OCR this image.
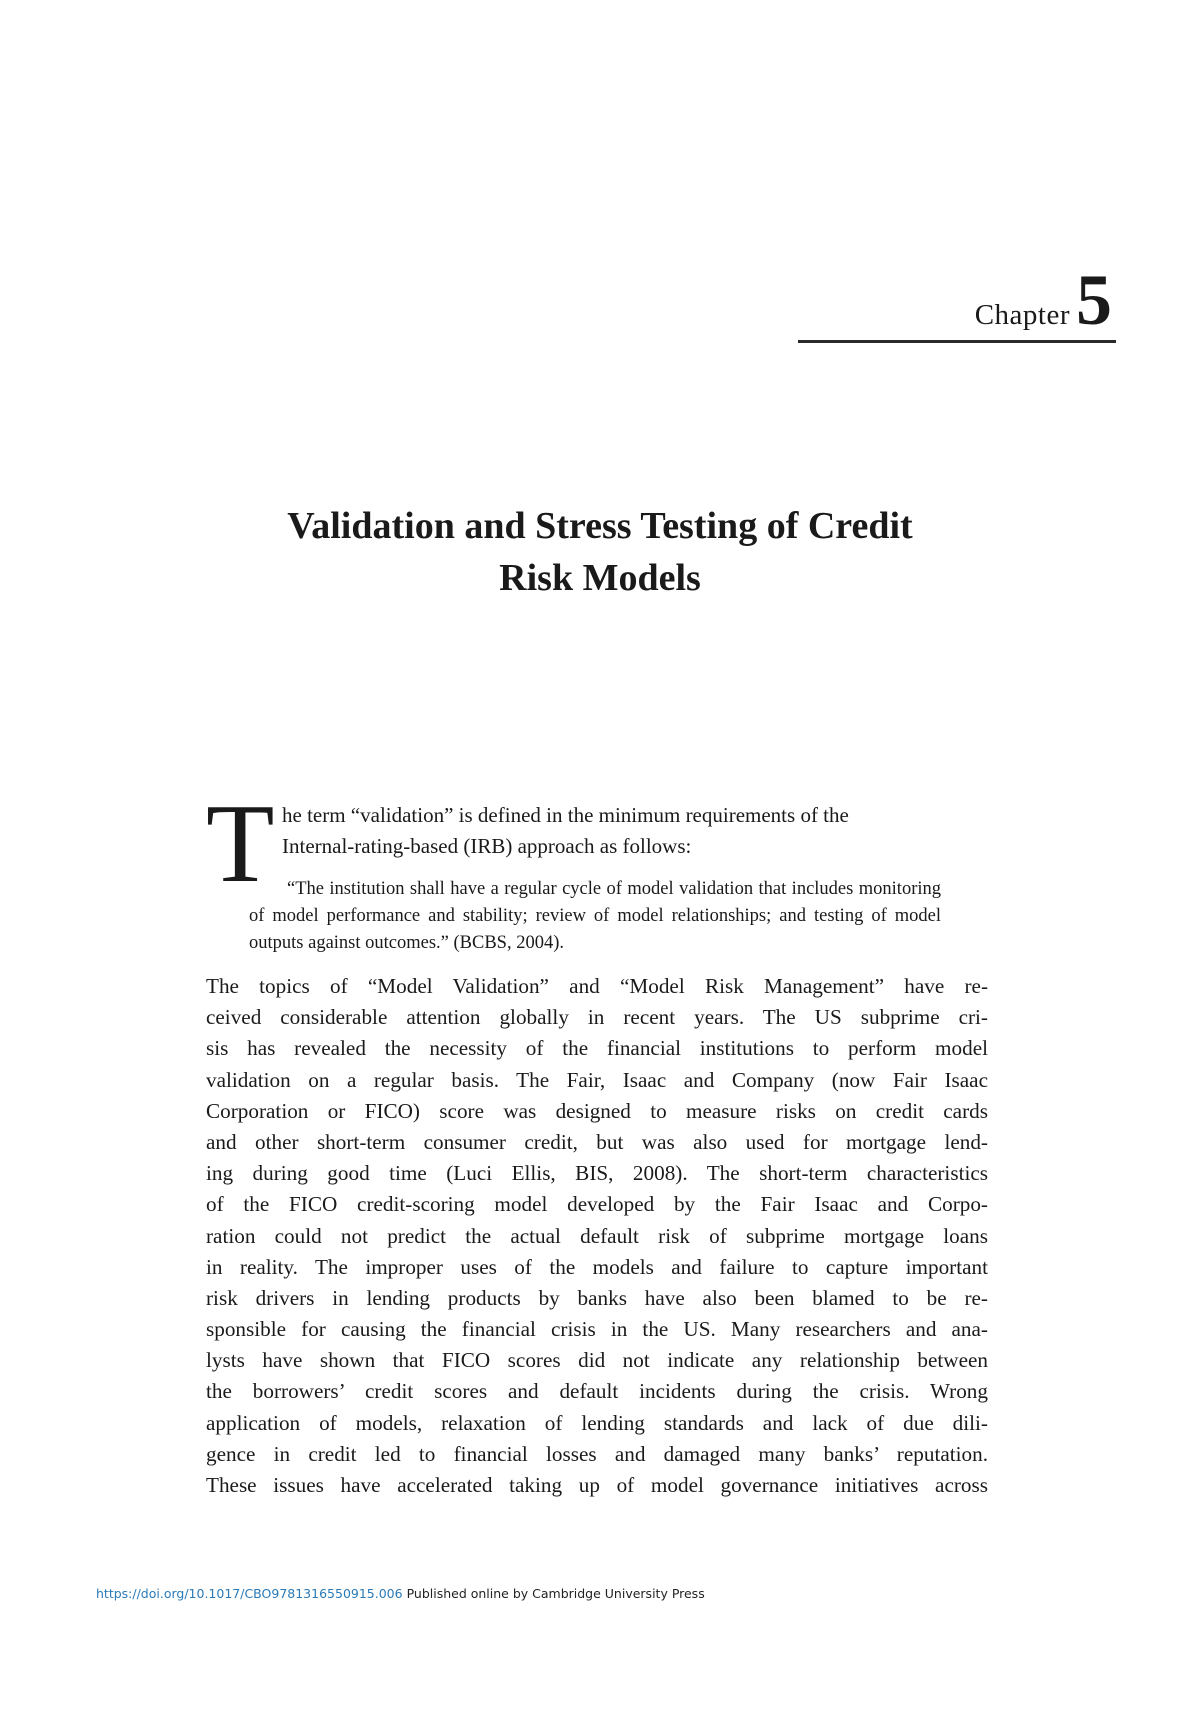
Chapter5
Validation and Stress Testing of Credit
Risk Models
T he term “validation” is defined in the minimum requirements of the
Internal-rating-based (IRB) approach as follows:
“The institution shall have a regular cycle of model validation that includes monitoring of model performance and stability; review of model relationships; and testing of model outputs against outcomes.” (BCBS, 2004).
The topics of “Model Validation” and “Model Risk Management” have re-
ceived considerable attention globally in recent years. The US subprime cri-
sis has revealed the necessity of the financial institutions to perform model
validation on a regular basis. The Fair, Isaac and Company (now Fair Isaac
Corporation or FICO) score was designed to measure risks on credit cards
and other short-term consumer credit, but was also used for mortgage lend-
ing during good time (Luci Ellis, BIS, 2008). The short-term characteristics
of the FICO credit-scoring model developed by the Fair Isaac and Corpo-
ration could not predict the actual default risk of subprime mortgage loans
in reality. The improper uses of the models and failure to capture important
risk drivers in lending products by banks have also been blamed to be re-
sponsible for causing the financial crisis in the US. Many researchers and ana-
lysts have shown that FICO scores did not indicate any relationship between
the borrowers’ credit scores and default incidents during the crisis. Wrong
application of models, relaxation of lending standards and lack of due dili-
gence in credit led to financial losses and damaged many banks’ reputation.
These issues have accelerated taking up of model governance initiatives across
https://doi.org/10.1017/CBO9781316550915.006 Published online by Cambridge University Press
